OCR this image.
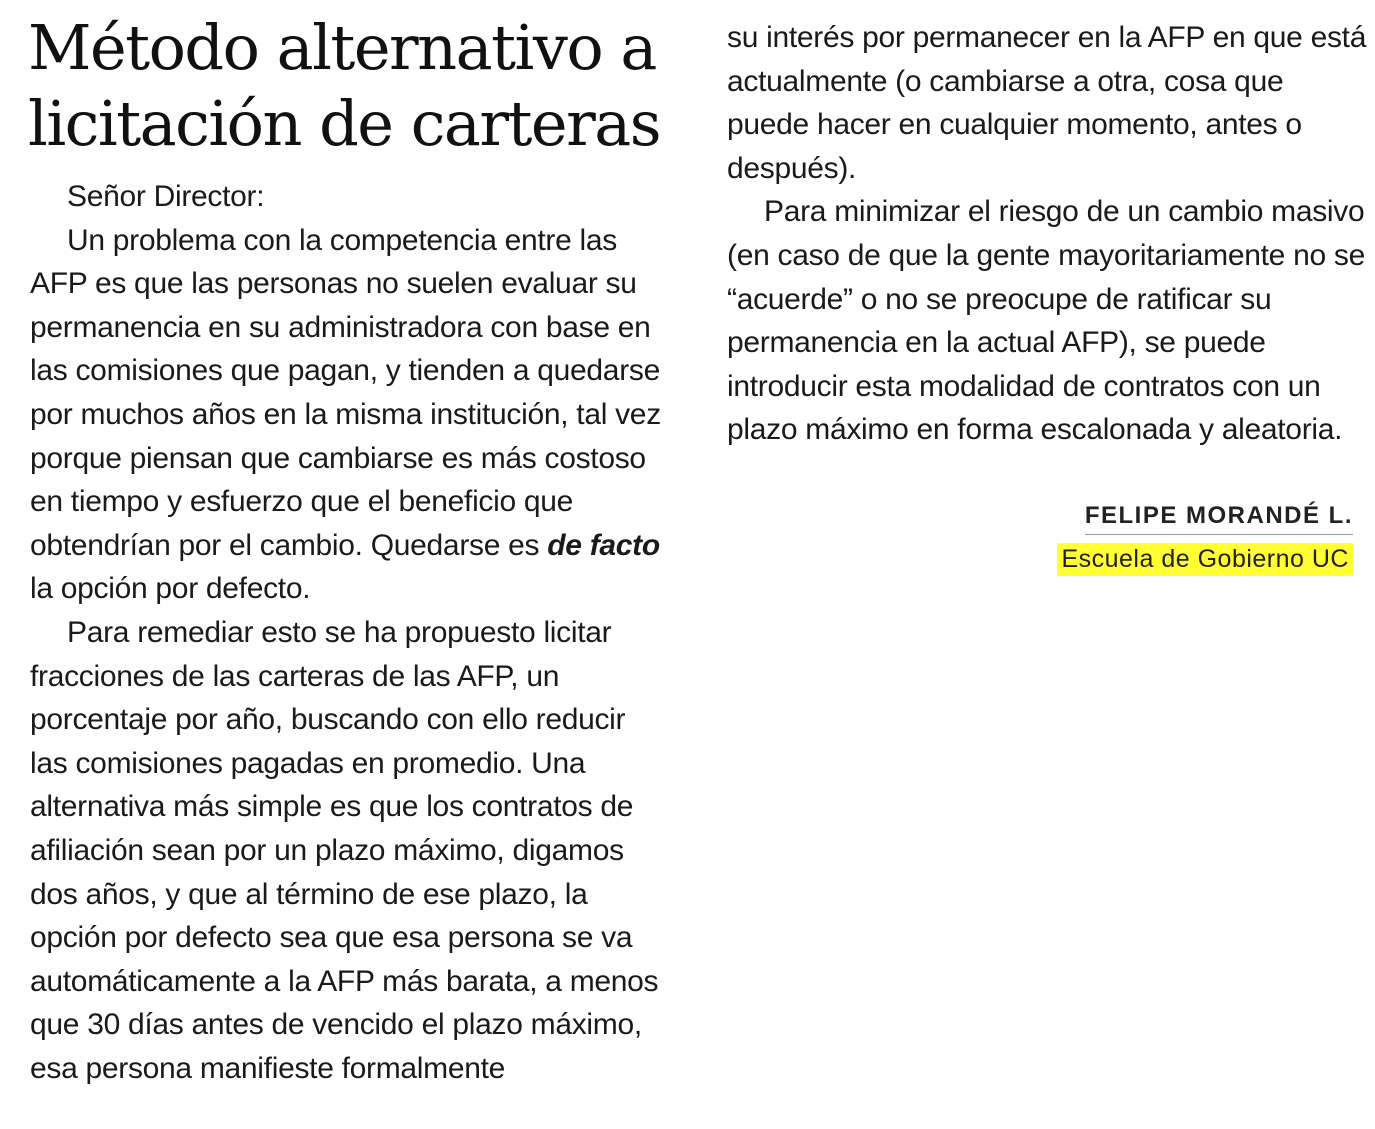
Método alternativo a licitación de carteras

Señor Director:

Un problema con la competencia entre las AFP es que las personas no suelen evaluar su permanencia en su administradora con base en las comisiones que pagan, y tienden a quedarse por muchos años en la misma institución, tal vez porque piensan que cambiarse es más costoso en tiempo y esfuerzo que el beneficio que obtendrían por el cambio. Quedarse es de facto la opción por defecto.

Para remediar esto se ha propuesto licitar fracciones de las carteras de las AFP, un porcentaje por año, buscando con ello reducir las comisiones pagadas en promedio. Una alternativa más simple es que los contratos de afiliación sean por un plazo máximo, digamos dos años, y que al término de ese plazo, la opción por defecto sea que esa persona se va automáticamente a la AFP más barata, a menos que 30 días antes de vencido el plazo máximo, esa persona manifieste formalmente

su interés por permanecer en la AFP en que está actualmente (o cambiarse a otra, cosa que puede hacer en cualquier momento, antes o después).

Para minimizar el riesgo de un cambio masivo (en caso de que la gente mayoritariamente no se “acuerde” o no se preocupe de ratificar su permanencia en la actual AFP), se puede introducir esta modalidad de contratos con un plazo máximo en forma escalonada y aleatoria.

FELIPE MORANDÉ L.
Escuela de Gobierno UC
